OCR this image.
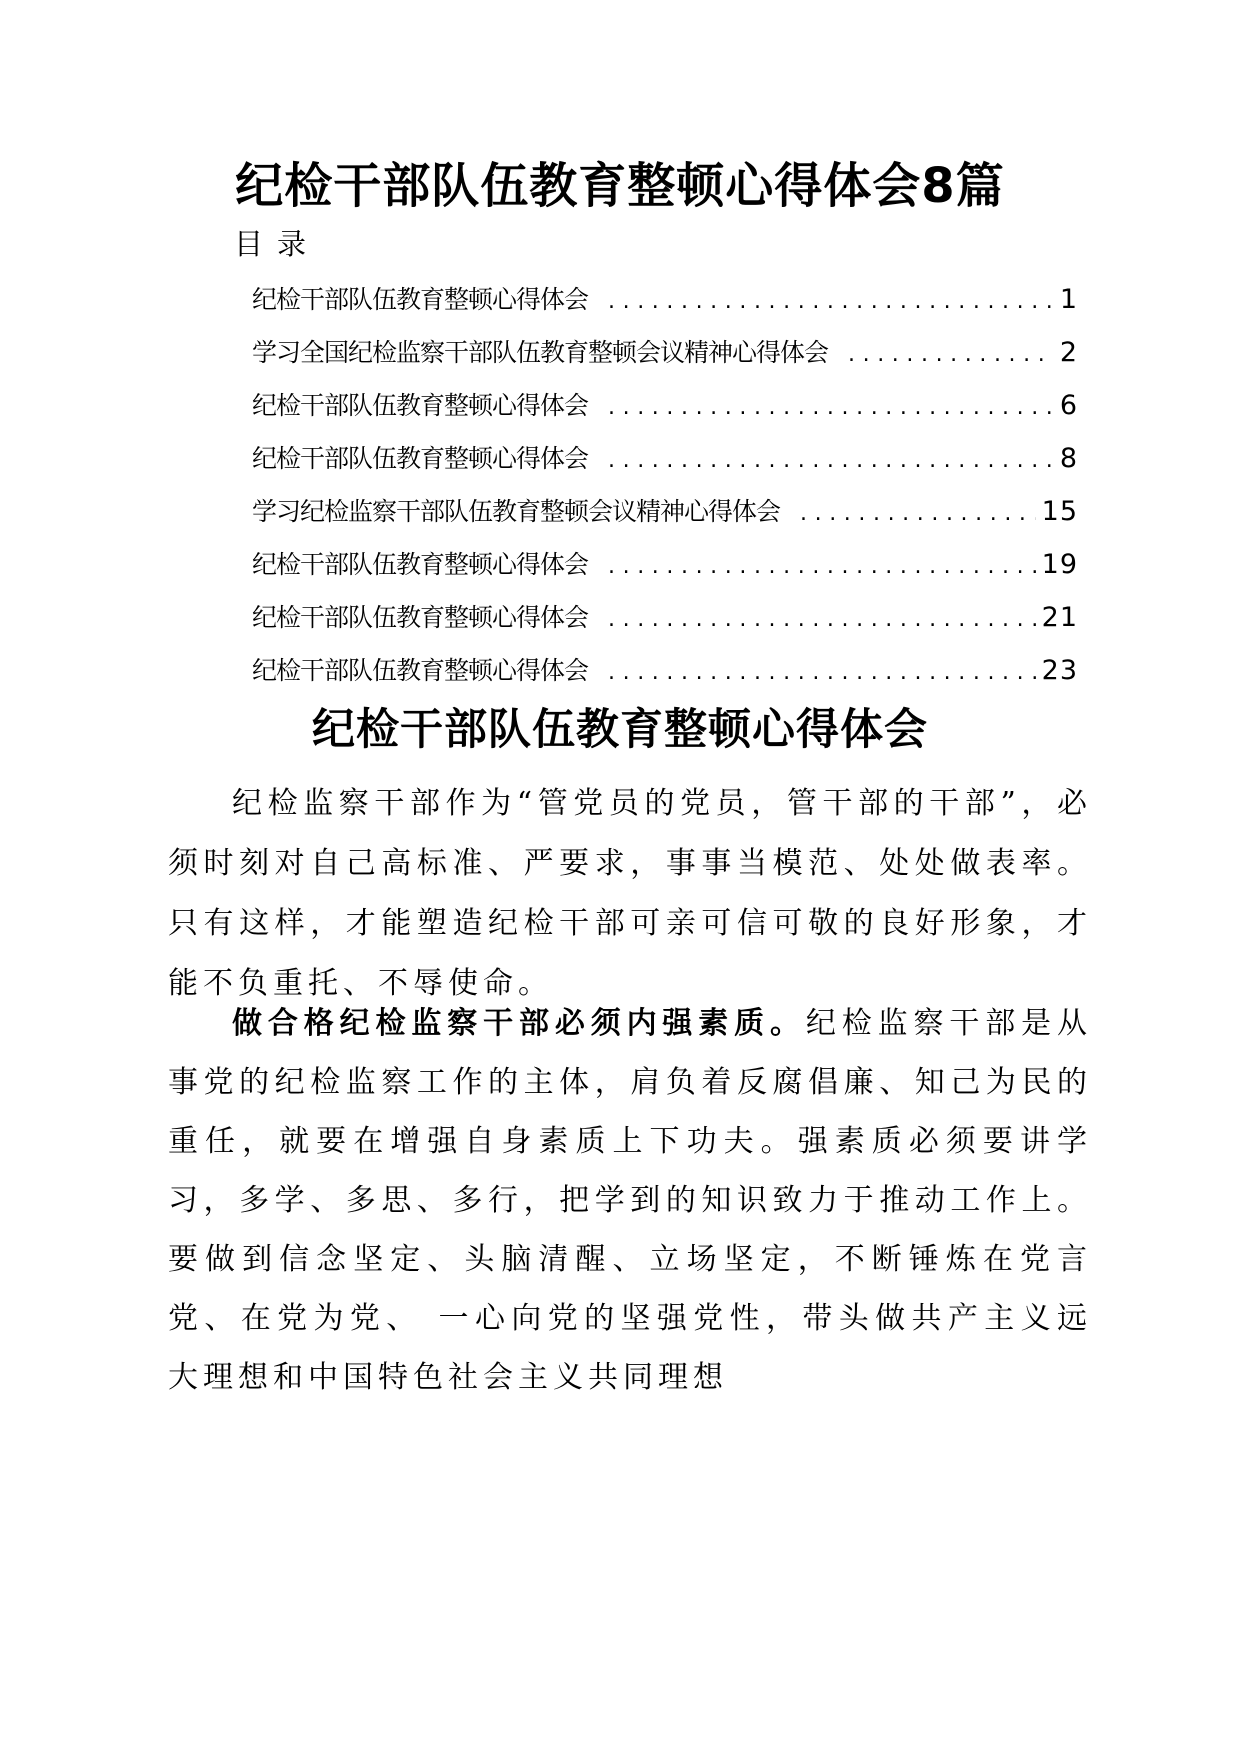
纪检干部队伍教育整顿心得体会8篇
目录
纪检干部队伍教育整顿心得体会 .....	1
学习全国纪检监察干部队伍教育整顿会议精神心得体会 .....	2
纪检干部队伍教育整顿心得体会 .....	6
纪检干部队伍教育整顿心得体会 .....	8
学习纪检监察干部队伍教育整顿会议精神心得体会 .....	15
纪检干部队伍教育整顿心得体会 .....	19
纪检干部队伍教育整顿心得体会 .....	21
纪检干部队伍教育整顿心得体会 .....	23
纪检干部队伍教育整顿心得体会

纪检监察干部作为“管党员的党员，管干部的干部”，必须时刻对自己高标准、严要求，事事当模范、处处做表率。只有这样，才能塑造纪检干部可亲可信可敬的良好形象，才能不负重托、不辱使命。

做合格纪检监察干部必须内强素质。纪检监察干部是从事党的纪检监察工作的主体，肩负着反腐倡廉、知己为民的重任，就要在增强自身素质上下功夫。强素质必须要讲学习，多学、多思、多行，把学到的知识致力于推动工作上。要做到信念坚定、头脑清醒、立场坚定，不断锤炼在党言党、在党为党、 一心向党的坚强党性，带头做共产主义远大理想和中国特色社会主义共同理想
